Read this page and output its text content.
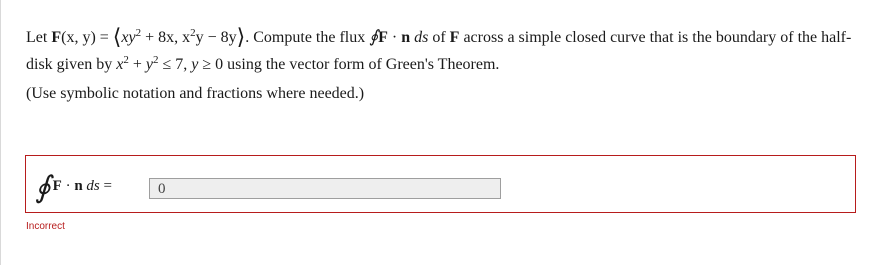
Let F(x, $y) = ⟨xy^2 + 8x$, $x^2y$ − 8y⟩. Compute the flux ∮F · n ds of F across a simple closed curve that is the boundary of the half-disk given by $x^2 + y^2 \le 7$, y ≥ 0 using the vector form of Green's Theorem.
(Use symbolic notation and fractions where needed.)
∮ F · n ds =	0
Incorrect
